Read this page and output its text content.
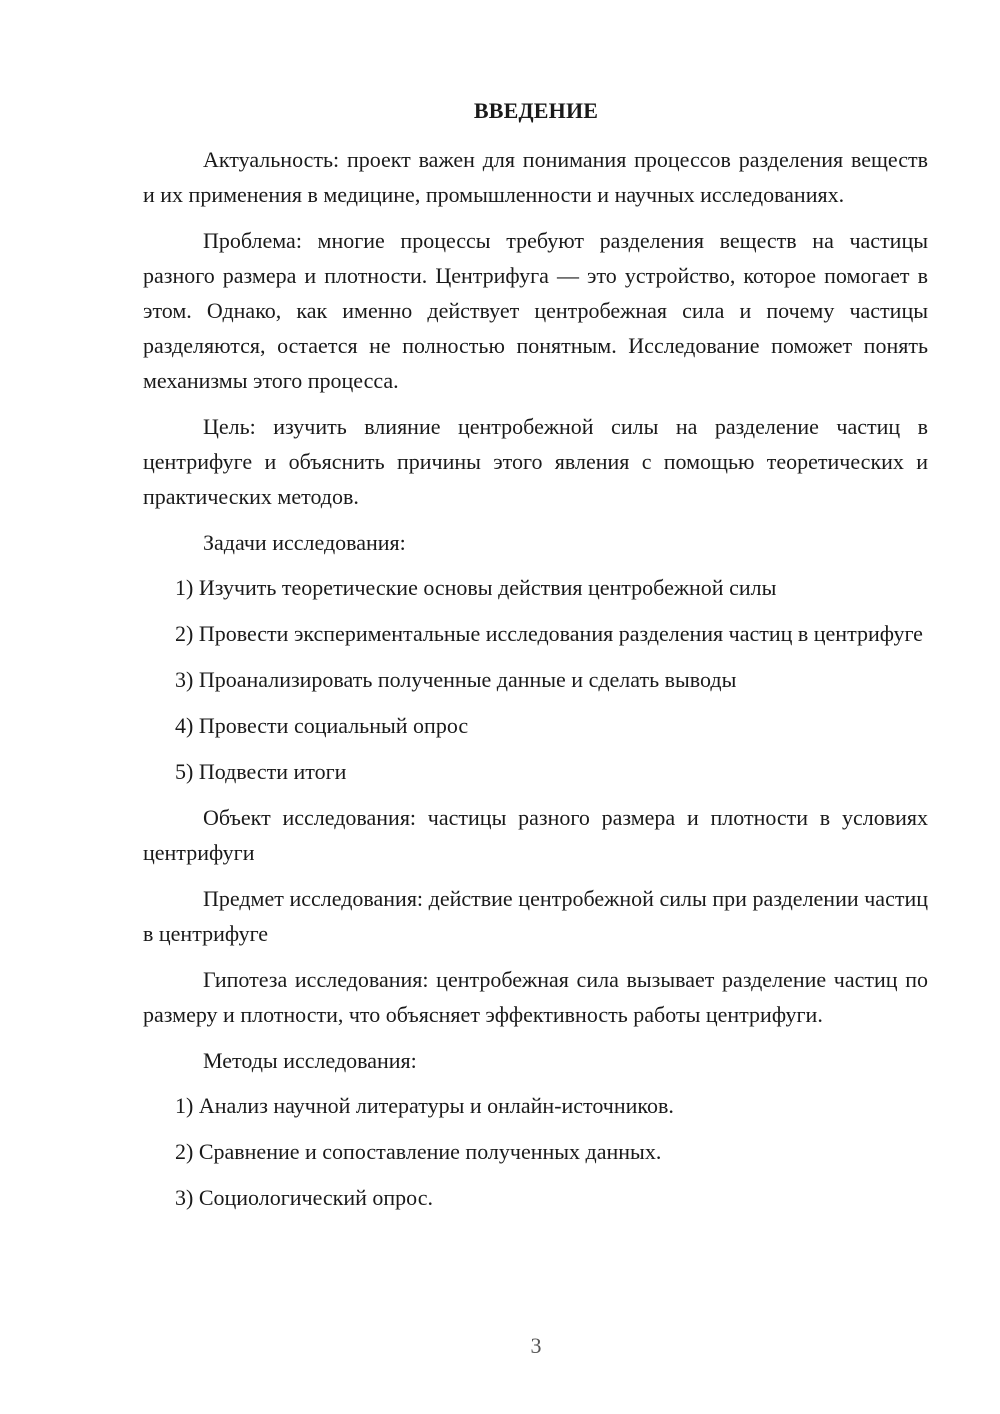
ВВЕДЕНИЕ

Актуальность: проект важен для понимания процессов разделения веществ и их применения в медицине, промышленности и научных исследованиях.

Проблема: многие процессы требуют разделения веществ на частицы разного размера и плотности. Центрифуга — это устройство, которое помогает в этом. Однако, как именно действует центробежная сила и почему частицы разделяются, остается не полностью понятным. Исследование поможет понять механизмы этого процесса.

Цель: изучить влияние центробежной силы на разделение частиц в центрифуге и объяснить причины этого явления с помощью теоретических и практических методов.

Задачи исследования:

1) Изучить теоретические основы действия центробежной силы

2) Провести экспериментальные исследования разделения частиц в центрифуге

3) Проанализировать полученные данные и сделать выводы

4) Провести социальный опрос

5) Подвести итоги

Объект исследования: частицы разного размера и плотности в условиях центрифуги

Предмет исследования: действие центробежной силы при разделении частиц в центрифуге

Гипотеза исследования: центробежная сила вызывает разделение частиц по размеру и плотности, что объясняет эффективность работы центрифуги.

Методы исследования:

1) Анализ научной литературы и онлайн-источников.

2) Сравнение и сопоставление полученных данных.

3) Социологический опрос.

3
